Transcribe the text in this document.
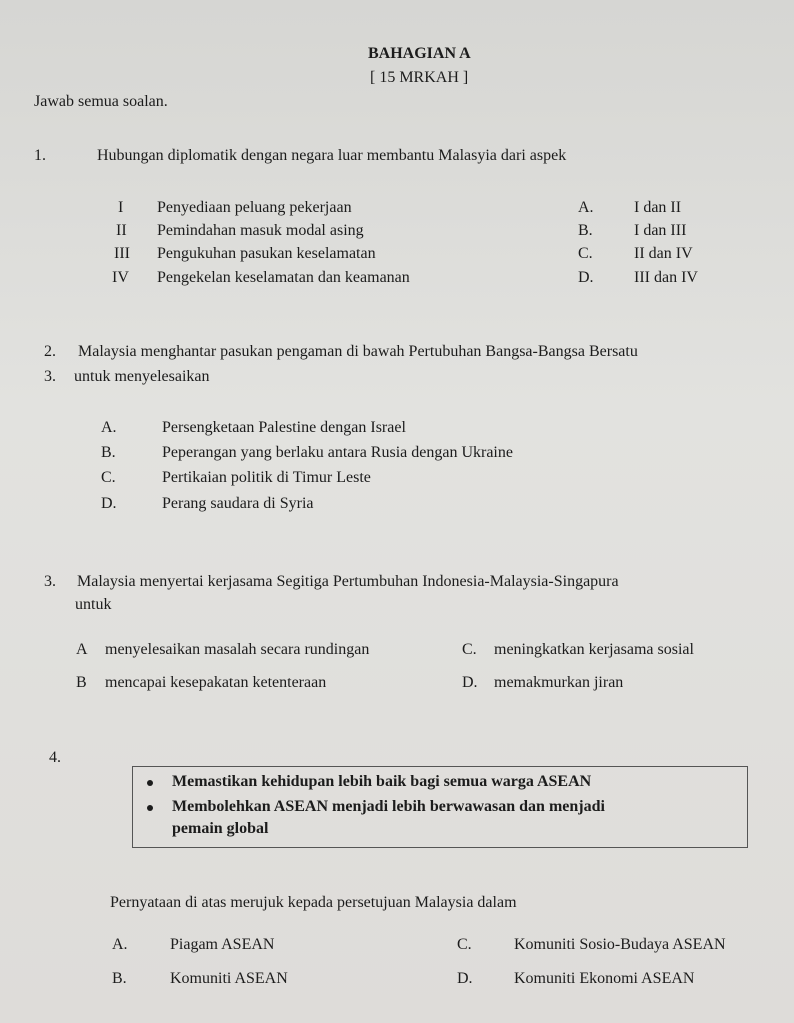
BAHAGIAN A
[ 15 MRKAH ]
Jawab semua soalan.
1.	Hubungan diplomatik dengan negara luar membantu Malasyia dari aspek
I Penyediaan peluang pekerjaan
II Pemindahan masuk modal asing
III Pengukuhan pasukan keselamatan
IV Pengekelan keselamatan dan keamanan
A.	I dan II
B.	I dan III
C.	II dan IV
D.	III dan IV
2. Malaysia menghantar pasukan pengaman di bawah Pertubuhan Bangsa-Bangsa Bersatu
3. untuk menyelesaikan
A.	Persengketaan Palestine dengan Israel
B.	Peperangan yang berlaku antara Rusia dengan Ukraine
C.	Pertikaian politik di Timur Leste
D.	Perang saudara di Syria
3. Malaysia menyertai kerjasama Segitiga Pertumbuhan Indonesia-Malaysia-Singapura
untuk
A menyelesaikan masalah secara rundingan
B mencapai kesepakatan ketenteraan
C. meningkatkan kerjasama sosial
D. memakmurkan jiran
4.
Memastikan kehidupan lebih baik bagi semua warga ASEAN
Membolehkan ASEAN menjadi lebih berwawasan dan menjadi
pemain global
Pernyataan di atas merujuk kepada persetujuan Malaysia dalam
A.	Piagam ASEAN
B.	Komuniti ASEAN
C.	Komuniti Sosio-Budaya ASEAN
D.	Komuniti Ekonomi ASEAN
